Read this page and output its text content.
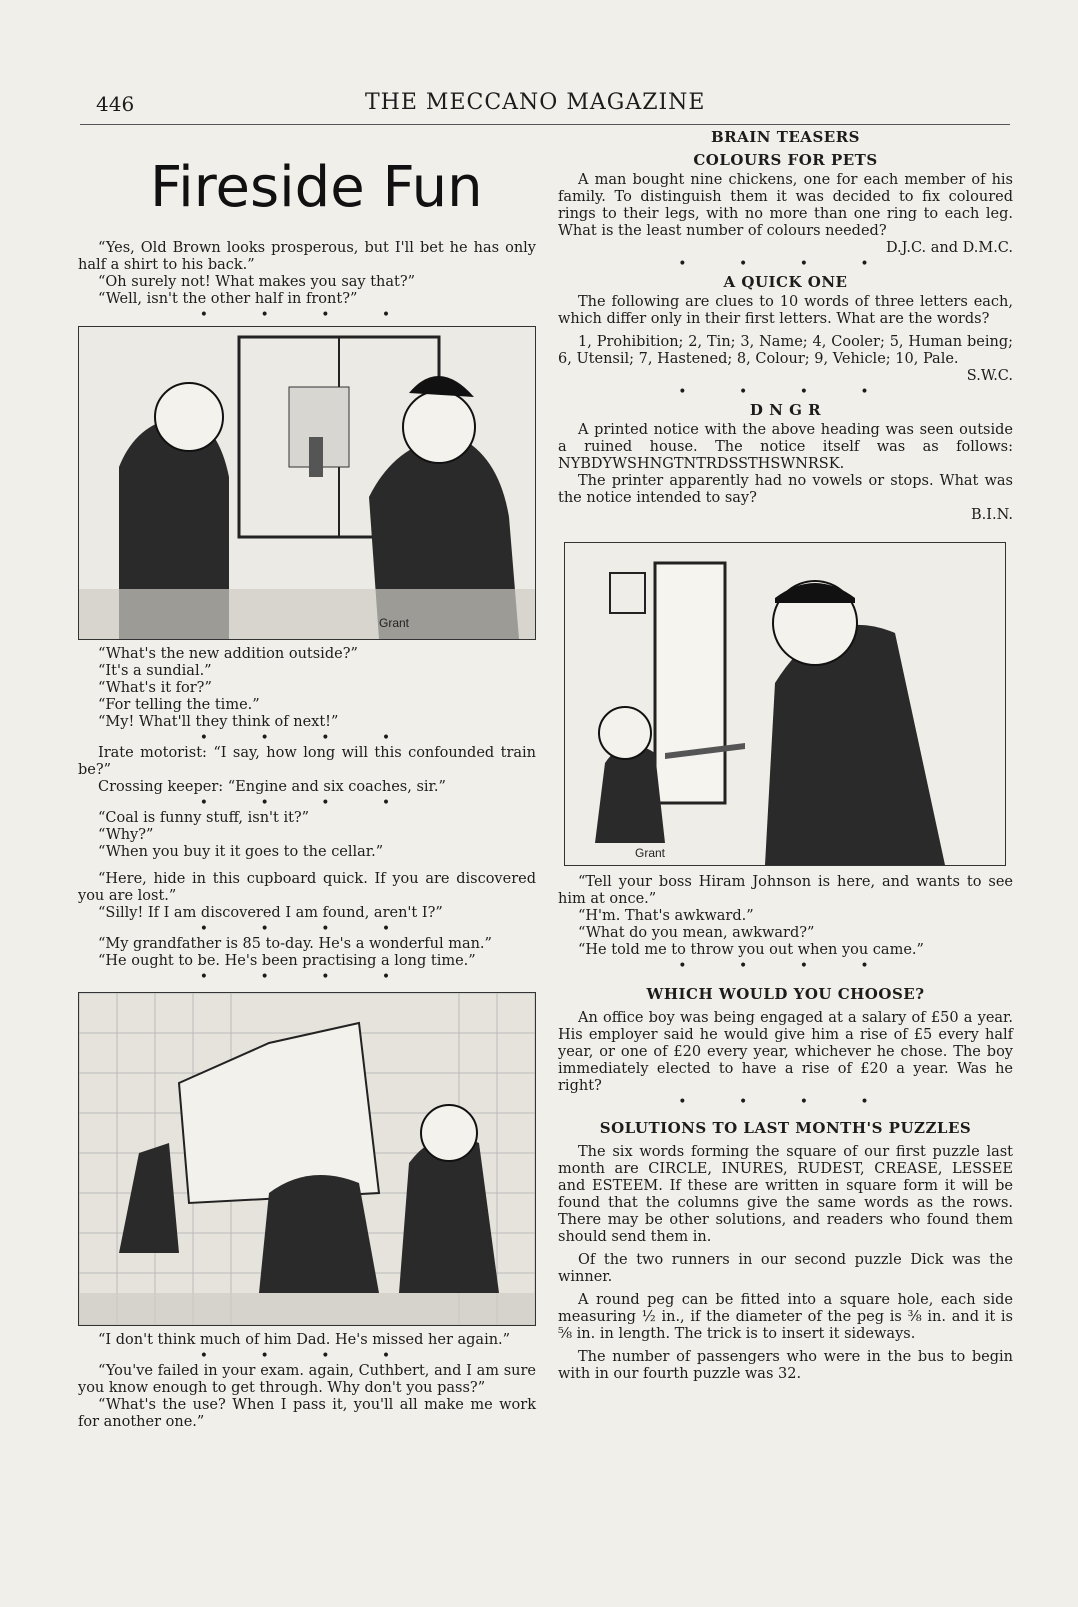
446	THE MECCANO MAGAZINE
Fireside Fun

“Yes, Old Brown looks prosperous, but I'll bet he has only half a shirt to his back.”

“Oh surely not! What makes you say that?”

“Well, isn't the other half in front?”

• • • •
Grant

“What's the new addition outside?”

“It's a sundial.”

“What's it for?”

“For telling the time.”

“My! What'll they think of next!”

• • • •

Irate motorist: “I say, how long will this confounded train be?”

Crossing keeper: “Engine and six coaches, sir.”

• • • •

“Coal is funny stuff, isn't it?”

“Why?”

“When you buy it it goes to the cellar.”

“Here, hide in this cupboard quick. If you are discovered you are lost.”

“Silly! If I am discovered I am found, aren't I?”

• • • •

“My grandfather is 85 to-day. He's a wonderful man.”

“He ought to be. He's been practising a long time.”

• • • •

“I don't think much of him Dad. He's missed her again.”

• • • •

“You've failed in your exam. again, Cuthbert, and I am sure you know enough to get through. Why don't you pass?”

“What's the use? When I pass it, you'll all make me work for another one.”

BRAIN TEASERS
COLOURS FOR PETS

A man bought nine chickens, one for each member of his family. To distinguish them it was decided to fix coloured rings to their legs, with no more than one ring to each leg. What is the least number of colours needed?

D.J.C. and D.M.C.

• • • •
A QUICK ONE

The following are clues to 10 words of three letters each, which differ only in their first letters. What are the words?

1, Prohibition; 2, Tin; 3, Name; 4, Cooler; 5, Human being; 6, Utensil; 7, Hastened; 8, Colour; 9, Vehicle; 10, Pale.

S.W.C.

• • • •
D N G R

A printed notice with the above heading was seen outside a ruined house. The notice itself was as follows: NYBDYWSHNGTNTRDSSTHSWNRSK.

The printer apparently had no vowels or stops. What was the notice intended to say?

B.I.N.

Grant

“Tell your boss Hiram Johnson is here, and wants to see him at once.”

“H'm. That's awkward.”

“What do you mean, awkward?”

“He told me to throw you out when you came.”

• • • •
WHICH WOULD YOU CHOOSE?

An office boy was being engaged at a salary of £50 a year. His employer said he would give him a rise of £5 every half year, or one of £20 every year, whichever he chose. The boy immediately elected to have a rise of £20 a year. Was he right?

• • • •
SOLUTIONS TO LAST MONTH'S PUZZLES

The six words forming the square of our first puzzle last month are CIRCLE, INURES, RUDEST, CREASE, LESSEE and ESTEEM. If these are written in square form it will be found that the columns give the same words as the rows. There may be other solutions, and readers who found them should send them in.

Of the two runners in our second puzzle Dick was the winner.

A round peg can be fitted into a square hole, each side measuring ½ in., if the diameter of the peg is ⅜ in. and it is ⅝ in. in length. The trick is to insert it sideways.

The number of passengers who were in the bus to begin with in our fourth puzzle was 32.
